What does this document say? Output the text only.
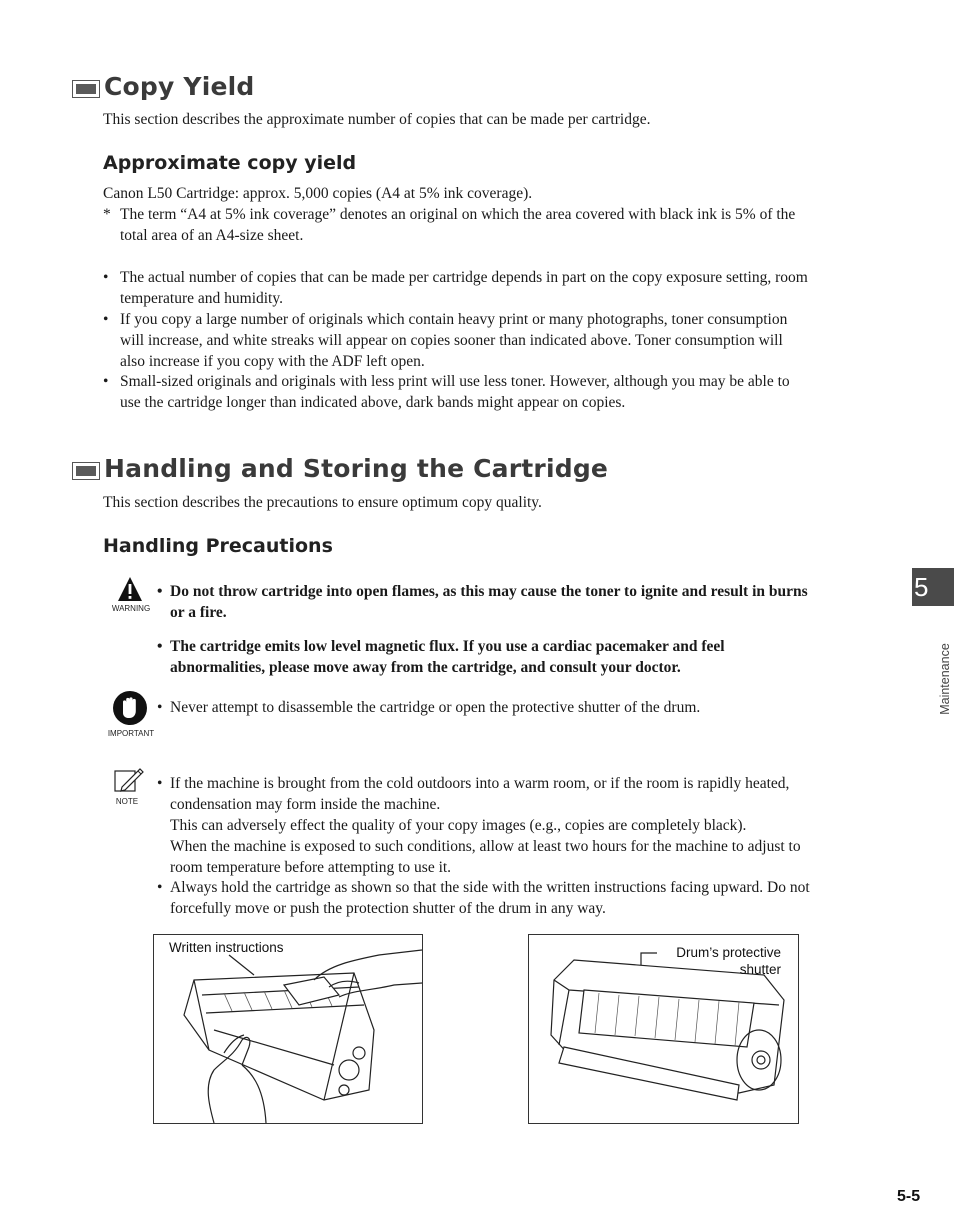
Copy Yield
This section describes the approximate number of copies that can be made per cartridge.
Approximate copy yield
Canon L50 Cartridge: approx. 5,000 copies (A4 at 5% ink coverage).
* The term “A4 at 5% ink coverage” denotes an original on which the area covered with black ink is 5% of the
total area of an A4-size sheet.
• The actual number of copies that can be made per cartridge depends in part on the copy exposure setting, room
temperature and humidity.
• If you copy a large number of originals which contain heavy print or many photographs, toner consumption
will increase, and white streaks will appear on copies sooner than indicated above. Toner consumption will
also increase if you copy with the ADF left open.
• Small-sized originals and originals with less print will use less toner. However, although you may be able to
use the cartridge longer than indicated above, dark bands might appear on copies.
Handling and Storing the Cartridge
This section describes the precautions to ensure optimum copy quality.
Handling Precautions
WARNING
• Do not throw cartridge into open flames, as this may cause the toner to ignite and result in burns
or a fire.
• The cartridge emits low level magnetic flux. If you use a cardiac pacemaker and feel
abnormalities, please move away from the cartridge, and consult your doctor.
IMPORTANT
• Never attempt to disassemble the cartridge or open the protective shutter of the drum.
NOTE
• If the machine is brought from the cold outdoors into a warm room, or if the room is rapidly heated,
condensation may form inside the machine.
This can adversely effect the quality of your copy images (e.g., copies are completely black).
When the machine is exposed to such conditions, allow at least two hours for the machine to adjust to
room temperature before attempting to use it.
• Always hold the cartridge as shown so that the side with the written instructions facing upward. Do not
forcefully move or push the protection shutter of the drum in any way.
Written instructions	Drum’s protective
shutter
5
Maintenance
5-5
